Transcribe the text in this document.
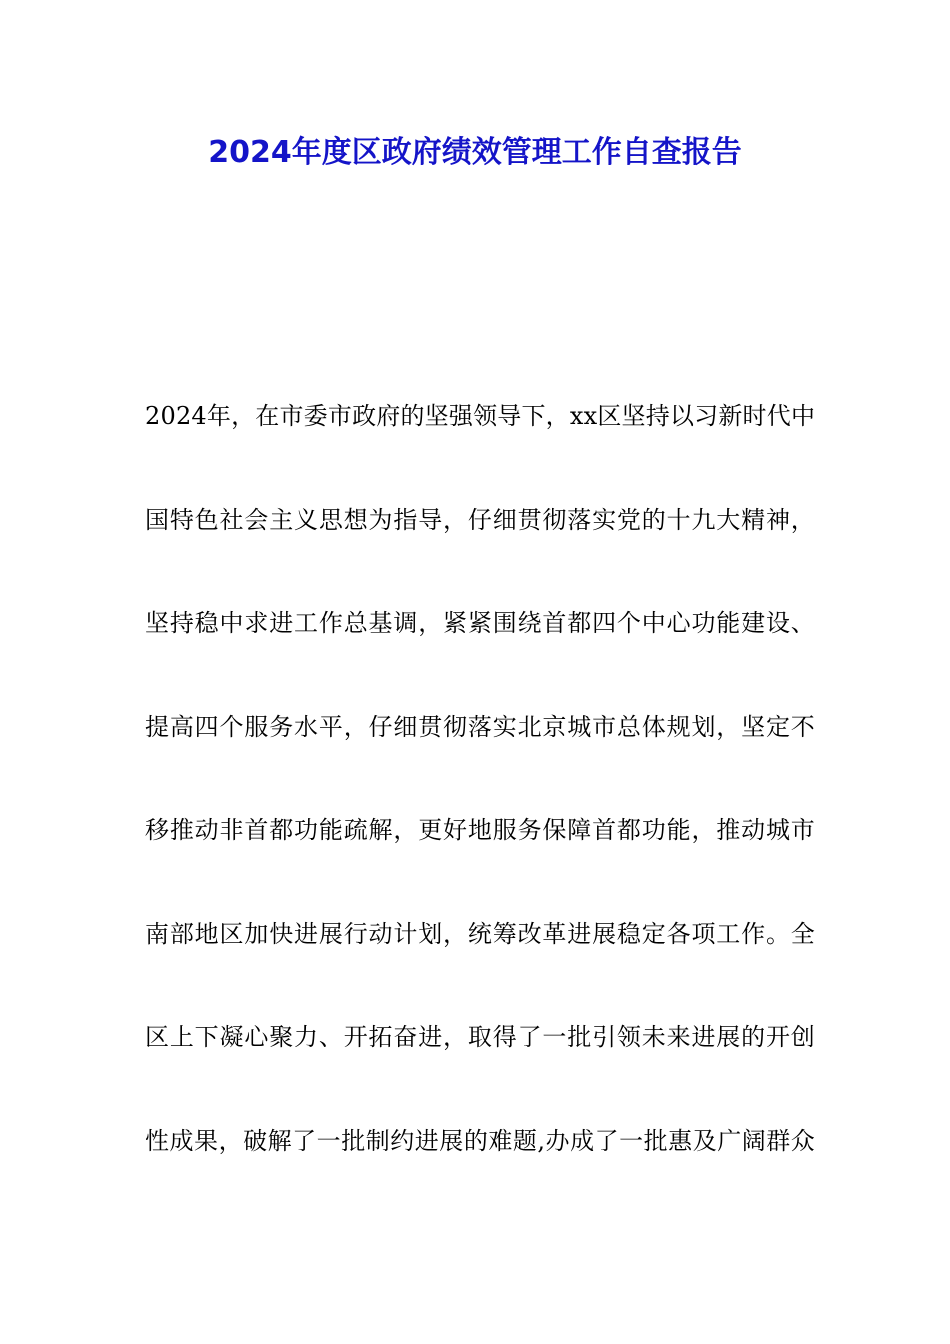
2024年度区政府绩效管理工作自查报告
2024年，在市委市政府的坚强领导下，xx区坚持以习新时代中
国特色社会主义思想为指导，仔细贯彻落实党的十九大精神，
坚持稳中求进工作总基调，紧紧围绕首都四个中心功能建设、
提高四个服务水平，仔细贯彻落实北京城市总体规划，坚定不
移推动非首都功能疏解，更好地服务保障首都功能，推动城市
南部地区加快进展行动计划，统筹改革进展稳定各项工作。全
区上下凝心聚力、开拓奋进，取得了一批引领未来进展的开创
性成果，破解了一批制约进展的难题,办成了一批惠及广阔群众
